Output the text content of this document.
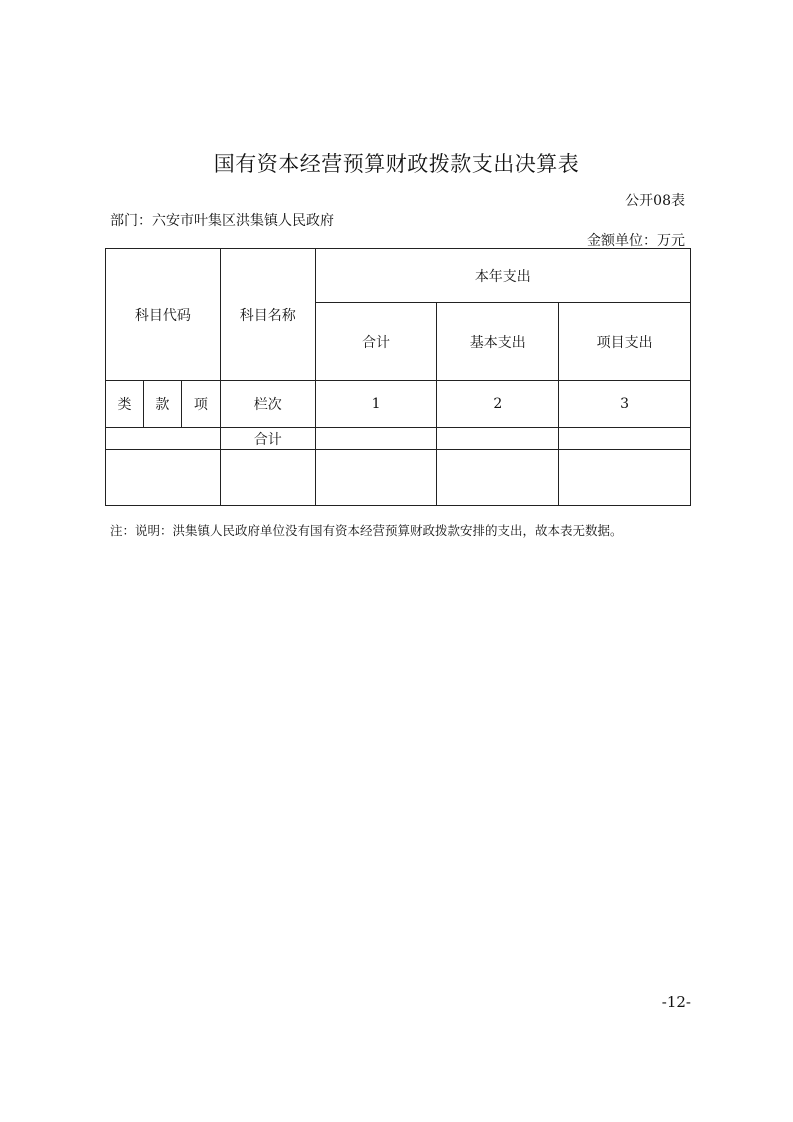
国有资本经营预算财政拨款支出决算表
公开08表
部门：六安市叶集区洪集镇人民政府
金额单位：万元
科目代码			科目名称	本年支出		
				合计	基本支出	项目支出
类	款	项	栏次	1	2	3
			合计			

注：说明：洪集镇人民政府单位没有国有资本经营预算财政拨款安排的支出，故本表无数据。
-12-
